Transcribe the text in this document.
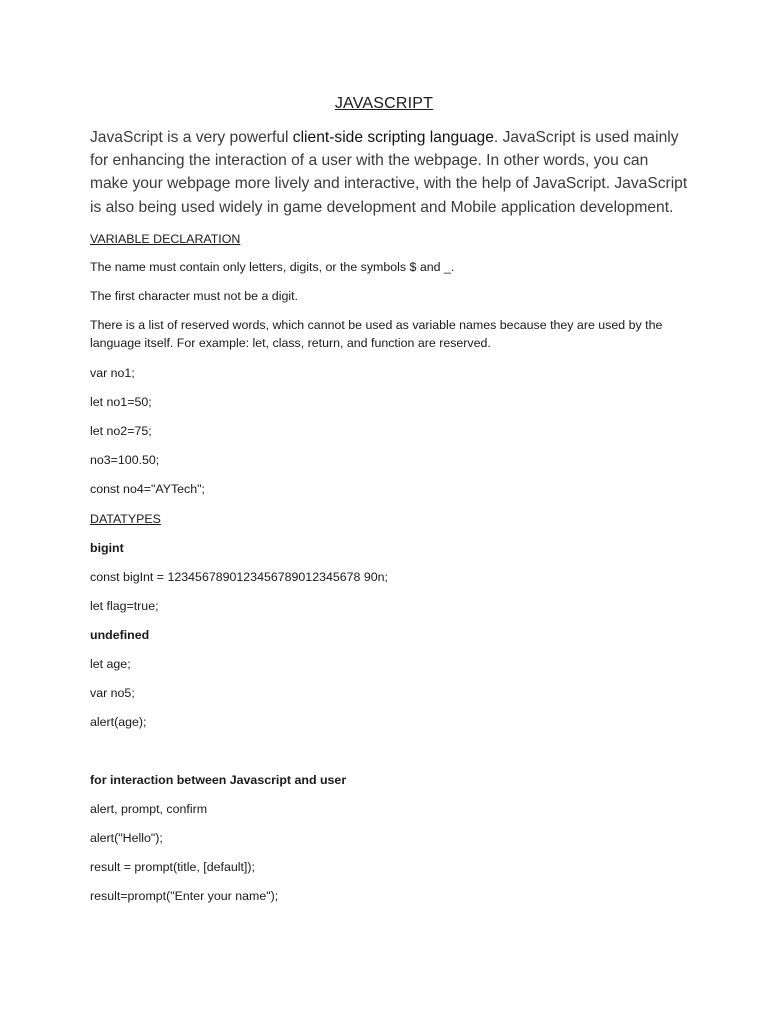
JAVASCRIPT
JavaScript is a very powerful client-side scripting language. JavaScript is used mainly for enhancing the interaction of a user with the webpage. In other words, you can make your webpage more lively and interactive, with the help of JavaScript. JavaScript is also being used widely in game development and Mobile application development.
VARIABLE DECLARATION
The name must contain only letters, digits, or the symbols $ and _.
The first character must not be a digit.
There is a list of reserved words, which cannot be used as variable names because they are used by the language itself. For example: let, class, return, and function are reserved.
var no1;
let no1=50;
let no2=75;
no3=100.50;
const no4="AYTech";
DATATYPES
bigint
const bigInt = 1234567890123456789012345678 90n;
let flag=true;
undefined
let age;
var no5;
alert(age);
for interaction between Javascript and user
alert, prompt, confirm
alert("Hello");
result = prompt(title, [default]);
result=prompt("Enter your name");
